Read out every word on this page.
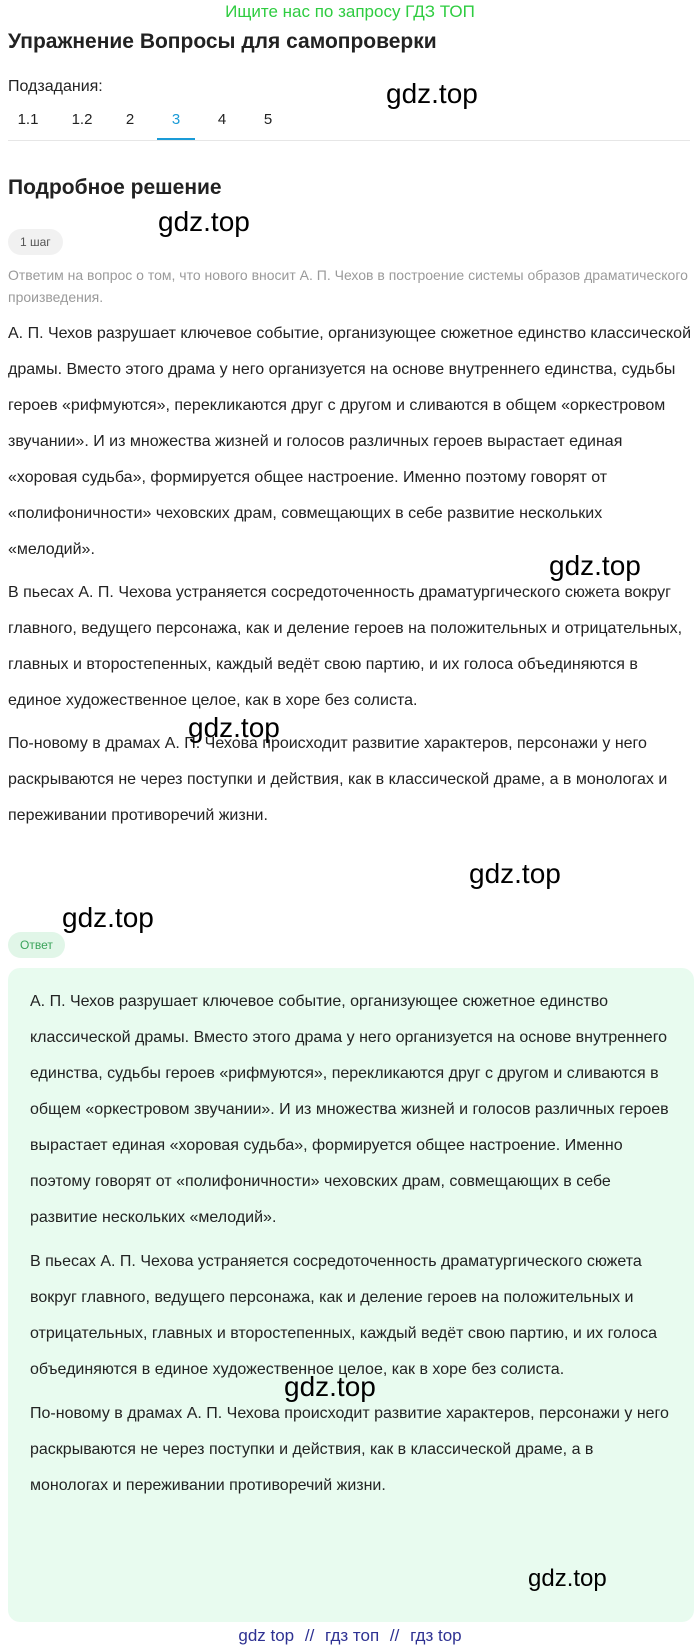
Ищите нас по запросу ГДЗ ТОП
Упражнение Вопросы для самопроверки
Подзадания:
1.1	1.2	2	3	4	5
Подробное решение
1 шаг
Ответим на вопрос о том, что нового вносит А. П. Чехов в построение системы образов драматического произведения.

А. П. Чехов разрушает ключевое событие, организующее сюжетное единство классической драмы. Вместо этого драма у него организуется на основе внутреннего единства, судьбы героев «рифмуются», перекликаются друг с другом и сливаются в общем «оркестровом звучании». И из множества жизней и голосов различных героев вырастает единая «хоровая судьба», формируется общее настроение. Именно поэтому говорят от «полифоничности» чеховских драм, совмещающих в себе развитие нескольких «мелодий».

В пьесах А. П. Чехова устраняется сосредоточенность драматургического сюжета вокруг главного, ведущего персонажа, как и деление героев на положительных и отрицательных, главных и второстепенных, каждый ведёт свою партию, и их голоса объединяются в единое художественное целое, как в хоре без солиста.

По-новому в драмах А. П. Чехова происходит развитие характеров, персонажи у него раскрываются не через поступки и действия, как в классической драме, а в монологах и переживании противоречий жизни.

Ответ

А. П. Чехов разрушает ключевое событие, организующее сюжетное единство классической драмы. Вместо этого драма у него организуется на основе внутреннего единства, судьбы героев «рифмуются», перекликаются друг с другом и сливаются в общем «оркестровом звучании». И из множества жизней и голосов различных героев вырастает единая «хоровая судьба», формируется общее настроение. Именно поэтому говорят от «полифоничности» чеховских драм, совмещающих в себе развитие нескольких «мелодий».

В пьесах А. П. Чехова устраняется сосредоточенность драматургического сюжета вокруг главного, ведущего персонажа, как и деление героев на положительных и отрицательных, главных и второстепенных, каждый ведёт свою партию, и их голоса объединяются в единое художественное целое, как в хоре без солиста.

По-новому в драмах А. П. Чехова происходит развитие характеров, персонажи у него раскрываются не через поступки и действия, как в классической драме, а в монологах и переживании противоречий жизни.

gdz.top
gdz.top
gdz.top
gdz.top
gdz.top
gdz.top
gdz.top
gdz.top
gdz top // гдз топ // гдз top
